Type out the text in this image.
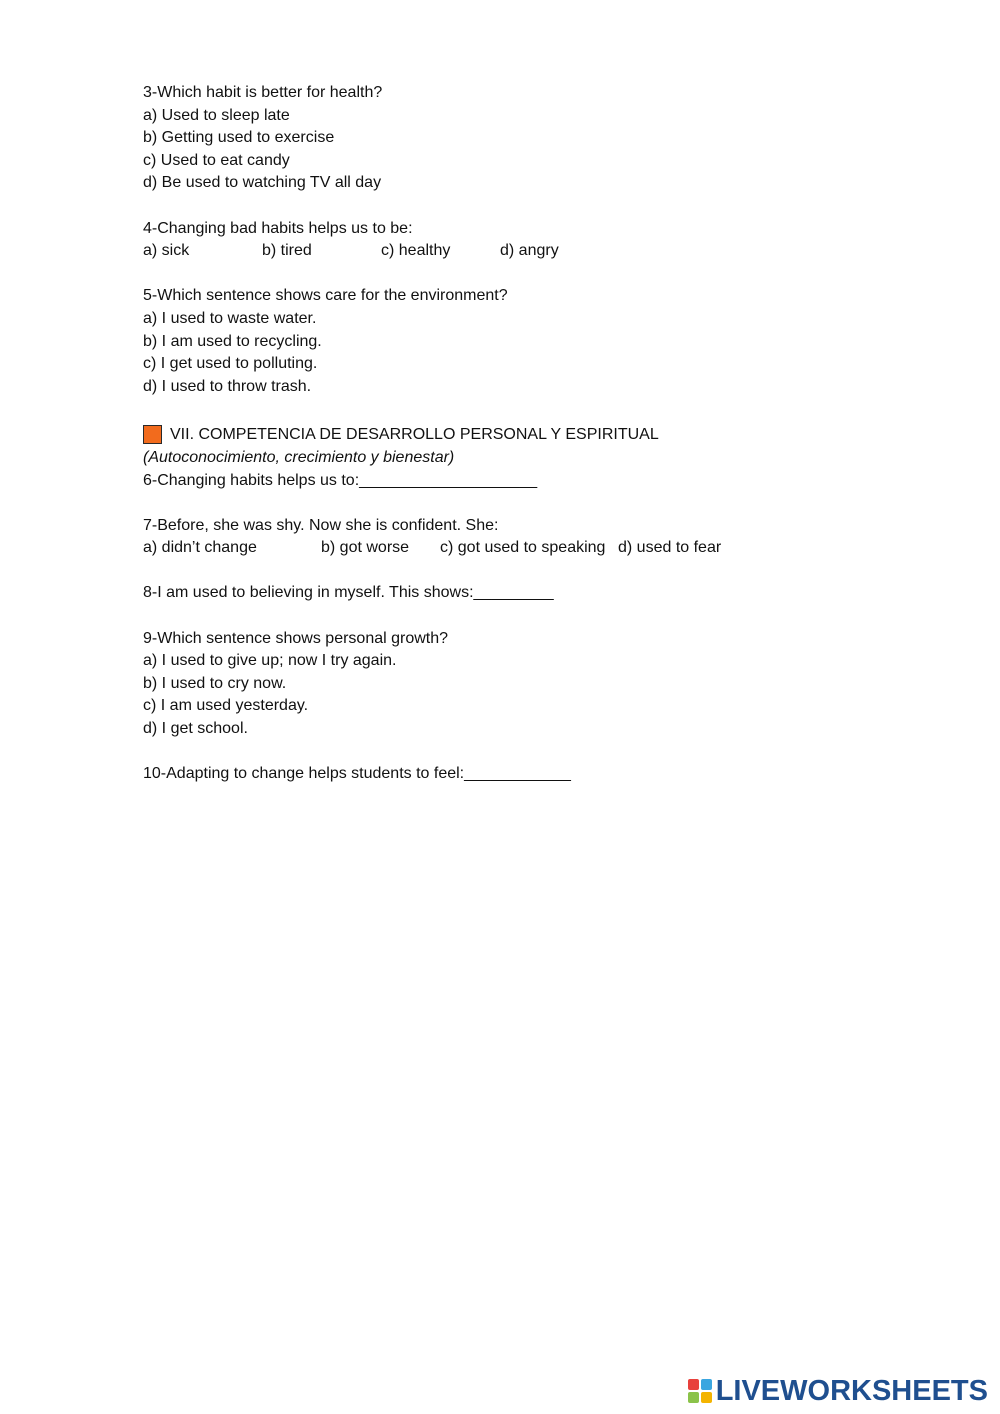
3-Which habit is better for health?
a) Used to sleep late
b) Getting used to exercise
c) Used to eat candy
d) Be used to watching TV all day
4-Changing bad habits helps us to be:
a) sick	b) tired	c) healthy	d) angry
5-Which sentence shows care for the environment?
a) I used to waste water.
b) I am used to recycling.
c) I get used to polluting.
d) I used to throw trash.
VII. COMPETENCIA DE DESARROLLO PERSONAL Y ESPIRITUAL
(Autoconocimiento, crecimiento y bienestar)
6-Changing habits helps us to:____________________
7-Before, she was shy. Now she is confident. She:
a) didn’t change	b) got worse	c) got used to speaking d) used to fear
8-I am used to believing in myself. This shows:_________
9-Which sentence shows personal growth?
a) I used to give up; now I try again.
b) I used to cry now.
c) I am used yesterday.
d) I get school.
10-Adapting to change helps students to feel:____________
LIVEWORKSHEETS
